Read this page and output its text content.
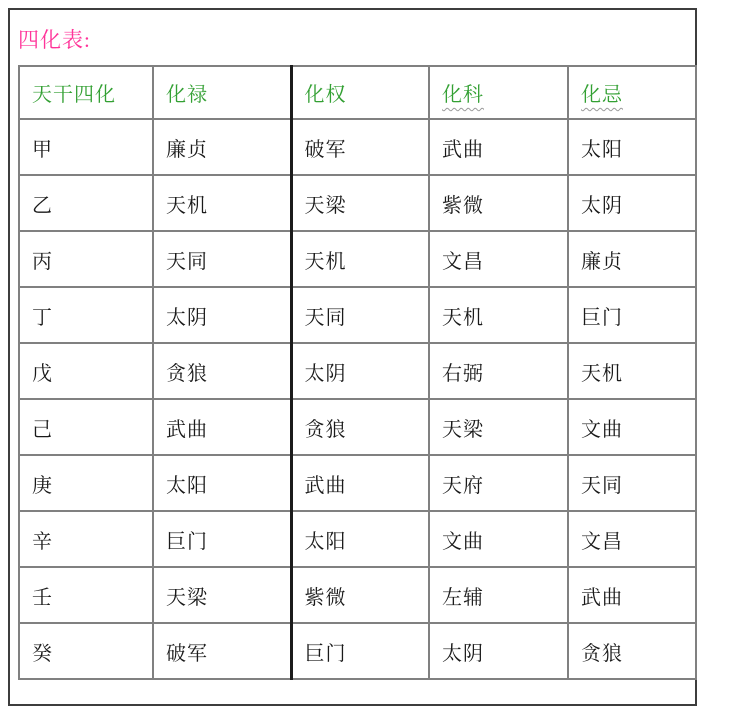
四化表:
天干四化	化禄	化权	化科	化忌
甲	廉贞	破军	武曲	太阳
乙	天机	天梁	紫微	太阴
丙	天同	天机	文昌	廉贞
丁	太阴	天同	天机	巨门
戊	贪狼	太阴	右弼	天机
己	武曲	贪狼	天梁	文曲
庚	太阳	武曲	天府	天同
辛	巨门	太阳	文曲	文昌
壬	天梁	紫微	左辅	武曲
癸	破军	巨门	太阴	贪狼
